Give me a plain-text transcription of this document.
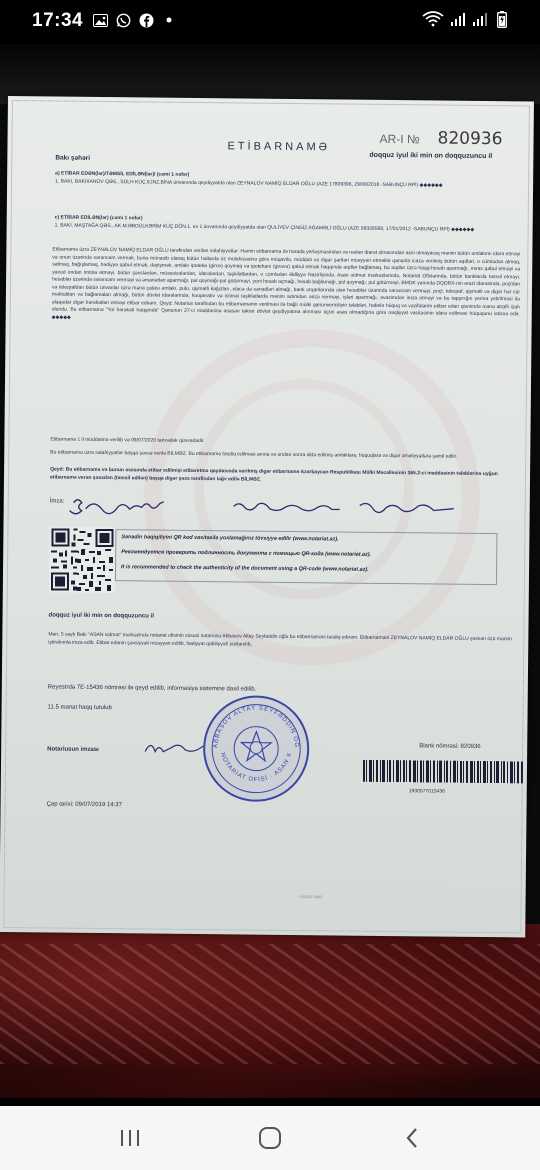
17:34
ETİBARNAMƏ
AR-I № 820936
doqquz iyul iki min on doqquzuncu il
Bakı şəhəri
a) ETİBAR EDƏN(lər)/TƏMSİL EDİLƏN(lər)/ (cəmi 1 nəfər)
1. BAKI, BAKIXANOV QƏS., SÜLH KÜÇ.8,İNZ.BİNA ünvanında qeydiyyatda olan ZEYNALOV NAMİQ ELDAR OĞLU (AZE 17809396, 29/08/2018 -SABUNÇU RPİ) ◆◆◆◆◆◆
c) ETİBAR EDİLƏN(lər) (cəmi 1 nəfər)
1. BAKI, MAŞTAĞA QƏS., AK.M.ƏBDÜLKƏRİM KÜÇ.DÖN.1, ev 1 ünvanında qeydiyyatda olan QULİYEV ÇİNGİZ AĞAMƏLİ OĞLU (AZE 09328568, 17/01/2012 -SABUNÇU RPİ) ◆◆◆◆◆◆
Etibarnamə üzrə ZEYNALOV NAMİQ ELDAR OĞLU tərəfindən verilən səlahiyyətlər: Həmin etibarnamə ilə hərada yerləşməsindən və nədən ibarət olmasından asılı olmayaraq mənim bütün əmlakımı idarə etməyi və onun üzərində sərəncam vermək, buna münasib olaraq bütün hallarda öz mülahizəsinə görə müqavilə, müddəti və digər şərtləri müəyyən etməklə qanunla icazə verilmiş bütün əqdləri, o cümlədən almaq, satmaq, bağışlamaq, hədiyyə qəbul etmək, dəyişmək, əmlakı ipoteka (girov) qoymaq və ipotekanı (girovu) qəbul etmək haqqında əqdlər bağlamaq, bu əqdlər üzrə haqq-hesab aparmağı, miras qəbul etməyi və yaxud ondan imtina etməyi, bütün şəxslərdən, müəssisələrdən, idarələrdən, təşkilatlardan, o cümlədən Ədliyyə Nazirliyində, Asan xidmət mərkəzlərində, Notariat Ofislərində, bütün banklarda təmsil etməyi, hesablar üzərində sərəncam verməyi və əmanətləri aparmağı, pul qoymağı-pul götürməyi, yeni hesab açmağı, hesab bağlamağı, pul qoymağı, pul götürməyi, BMDK yanında DQDRX-nin ərazi idarəsində, poçtdan və teleqrafdan bütün ünvanlar üzrə məna çatası əmlakı, pulu, qiymətli kağızları, elacə də sənədləri almağı, bank orqanlarında olan hesablar üzərində sərəncam verməyi, poçt, teleqraf, qiymətli və digər hər cür məktubları və bağlamaları almağı, bütün dövlət idarələrində, kooperativ və ictimai təşkilatlarda mənim adımdan ərizə verməyi, işləri aparmağı, əvəzimdən imza etməyi və bu tapşırığın yerinə yetirilməsi ilə əlaqədar digər hərəkətləri etməyi etibar edirəm. Qeyd: Notarius tərəfindən bu etibarnamənin verilməsi ilə bağlı mülki qanunvericiliyin tələbləri, habelə hüquq və vəzifələrim etibar edən qismində mənə ətraflı izah olundu. Bu etibarnamə "Yol hərəkəti haqqında" Qanunun 27-ci maddəsinə əsasən təkrar dövlət qeydiyyatına alınması üçün əsas olmadığına görə nəqliyyat vasitəsinin idarə edilməsi hüququnu istisna edir. ◆◆◆◆◆
Etibarnamə 1 il müddətinə verilib və 09/07/2020 tarixədək qüvvədədir.
Bu etibarnamə üzrə səlahiyyətlər başqa şəxsə verilə BİLMƏZ. Bu etibarnamə tasdiq edilməsi anına və ondan sonra əldə edilmiş əmlaklara, hüquqlara və digər əmaliyyətlərə şamil edilir.
Qeyd: Bu etibarnamə və bunun əsasında etibar edilmişi etibaretmə qaydasında verilmiş digər etibarnamə Azərbaycan Respublikası Mülki Məcəlləsinin 365.2-ci maddəsinin tələblərinə uyğun etibarnamə verən şəxsdən (təmsil edilən) başqa digər şəxs tərəfindən ləğv edilə BİLMƏZ.
İmza:
Sənədin həqiqiliyini QR kod vasitəsilə yoxlamağınız tövsiyyə edilir (www.notariat.az).
Рекомендуется проверить подлинность документа с помощью QR-кода (www.notariat.az).
It is recommended to check the authenticity of the document using a QR-code (www.notariat.az).
doqquz iyul iki min on doqquzuncu il
Mən, 5 saylı Bakı "ASAN xidmət" mərkəzində notariat ofisinin xüsusi notariusu Abbasov Altay Seyfəddin oğlu bu etibarnaməni təsdiq edirəm. Etibarnaməni ZEYNALOV NAMİQ ELDAR OĞLU şəxsən özü mənim iştirakımla imza edib. Etibar edənin şəxsiyyəti müəyyən edilib, fəaliyyət qabiliyyəti yoxlanılıb.
Reyestrdə 7E-15436 nömrəsi ilə qeyd edilib, informasiya sistemine daxil edilib.
11.5 manat haqq tutulub
Notariusun imzası
ABBASOV ALTAY SEYFƏDDİN OĞLU
NOTARİAT OFİSİ · ASAN XİDMƏT
Blank nömrəsi: 820936
1930577015436
Çap tarixi: 09/07/2019 14:37
DİGAR MMC
